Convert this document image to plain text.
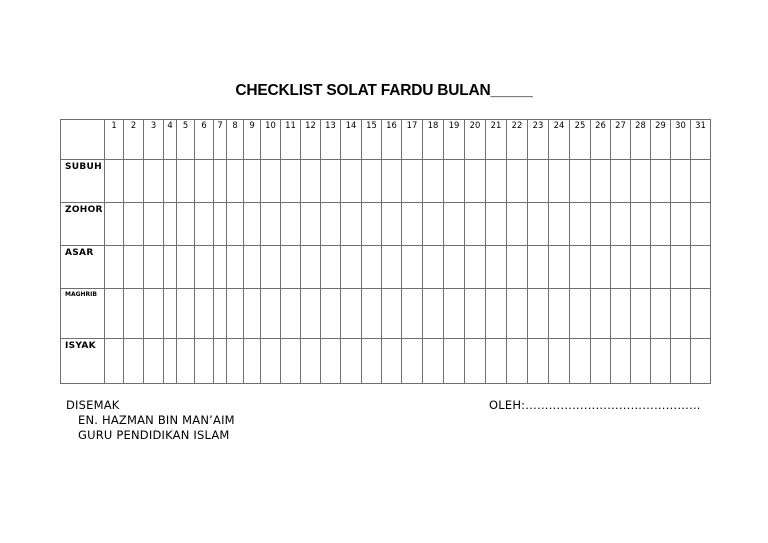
CHECKLIST SOLAT FARDU BULAN_____
	1	2	3	4	5	6	7	8	9	10	11	12	13	14	15	16	17	18	19	20	21	22	23	24	25	26	27	28	29	30	31
SUBUH																															
ZOHOR																															
ASAR																															
MAGHRIB																															
ISYAK																															
DISEMAK
EN. HAZMAN BIN MAN’AIM
GURU PENDIDIKAN ISLAM
OLEH:………………………………………
